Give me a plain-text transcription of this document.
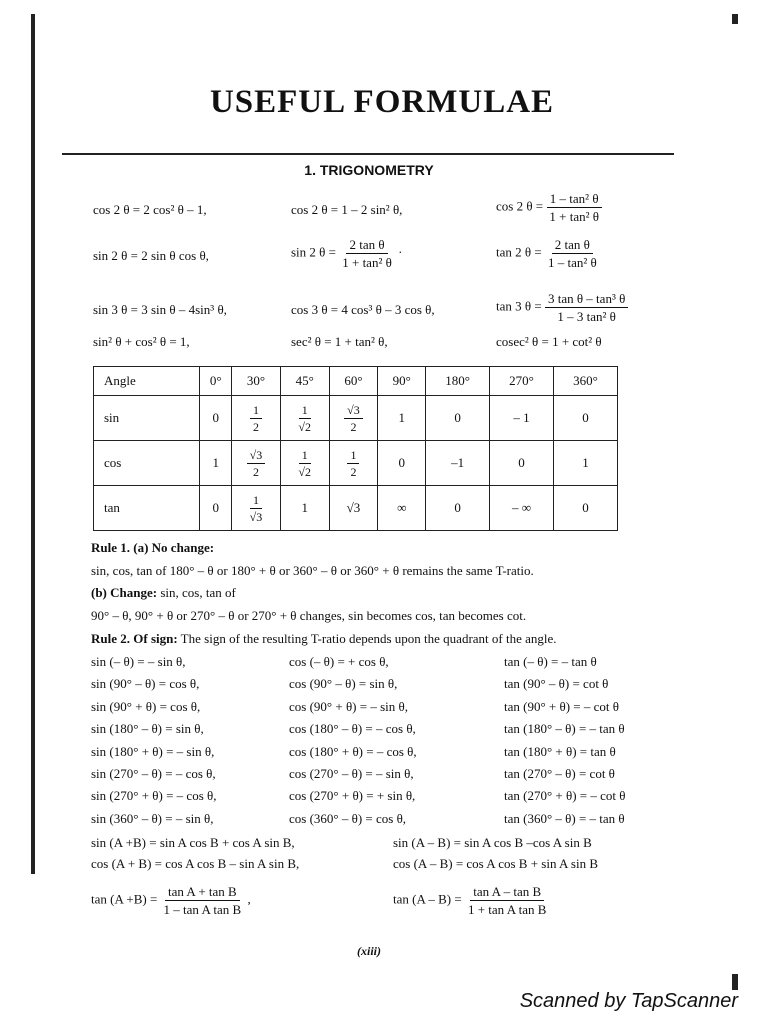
USEFUL FORMULAE
1. TRIGONOMETRY
cos 2 θ = 2 cos² θ – 1,	cos 2 θ = 1 – 2 sin² θ,	cos 2 $\theta = \frac{\text{1 – tan² θ}}{\text{1 + tan² θ}}$
sin 2 θ = 2 sin θ cos θ,	sin 2 $\theta = \frac{\text{2 tan θ}}{\text{1 + tan² θ}}$ ·	tan 2 $\theta = \frac{\text{2 tan θ}}{\text{1 – tan² θ}}$
sin 3 θ = 3 sin θ – 4sin³ θ,	cos 3 θ = 4 cos³ θ – 3 cos θ,	tan 3 $\theta = \frac{\text{3 tan θ – tan³ θ}}{\text{1 – 3 tan² θ}}$
sin² θ + cos² θ = 1,	sec² θ = 1 + tan² θ,	cosec² θ = 1 + cot² θ
Angle	0°	30°	45°	60°	90°	180°	270°	360°
sin	0	$\frac{1}{2}$	$\frac{1}{√2}$	$\frac{√3}{2}$	1	0	– 1	0
cos	1	$\frac{√3}{2}$	$\frac{1}{√2}$	$\frac{1}{2}$	0	–1	0	1
tan	0	$\frac{1}{√3}$	1	√3	∞	0	– ∞	0
Rule 1. (a) No change:
sin, cos, tan of 180° – θ or 180° + θ or 360° – θ or 360° + θ remains the same T-ratio.
(b) Change: sin, cos, tan of
90° – θ, 90° + θ or 270° – θ or 270° + θ changes, sin becomes cos, tan becomes cot.
Rule 2. Of sign: The sign of the resulting T-ratio depends upon the quadrant of the angle.
sin (– θ) = – sin θ,	cos (– θ) = + cos θ,	tan (– θ) = – tan θ
sin (90° – θ) = cos θ,	cos (90° – θ) = sin θ,	tan (90° – θ) = cot θ
sin (90° + θ) = cos θ,	cos (90° + θ) = – sin θ,	tan (90° + θ) = – cot θ
sin (180° – θ) = sin θ,	cos (180° – θ) = – cos θ,	tan (180° – θ) = – tan θ
sin (180° + θ) = – sin θ,	cos (180° + θ) = – cos θ,	tan (180° + θ) = tan θ
sin (270° – θ) = – cos θ,	cos (270° – θ) = – sin θ,	tan (270° – θ) = cot θ
sin (270° + θ) = – cos θ,	cos (270° + θ) = + sin θ,	tan (270° + θ) = – cot θ
sin (360° – θ) = – sin θ,	cos (360° – θ) = cos θ,	tan (360° – θ) = – tan θ
sin (A +B) = sin A cos B + cos A sin B,	sin (A – B) = sin A cos B –cos A sin B
cos (A + B) = cos A cos B – sin A sin B,	cos (A – B) = cos A cos B + sin A sin B
$\tan (A +B) = \frac{\text{tan A + tan B}}{\text{1 – tan A tan B}}$ ,	$\tan (A - B) = \frac{\text{tan A – tan B}}{\text{1 + tan A tan B}}$
(xiii)
Scanned by TapScanner
